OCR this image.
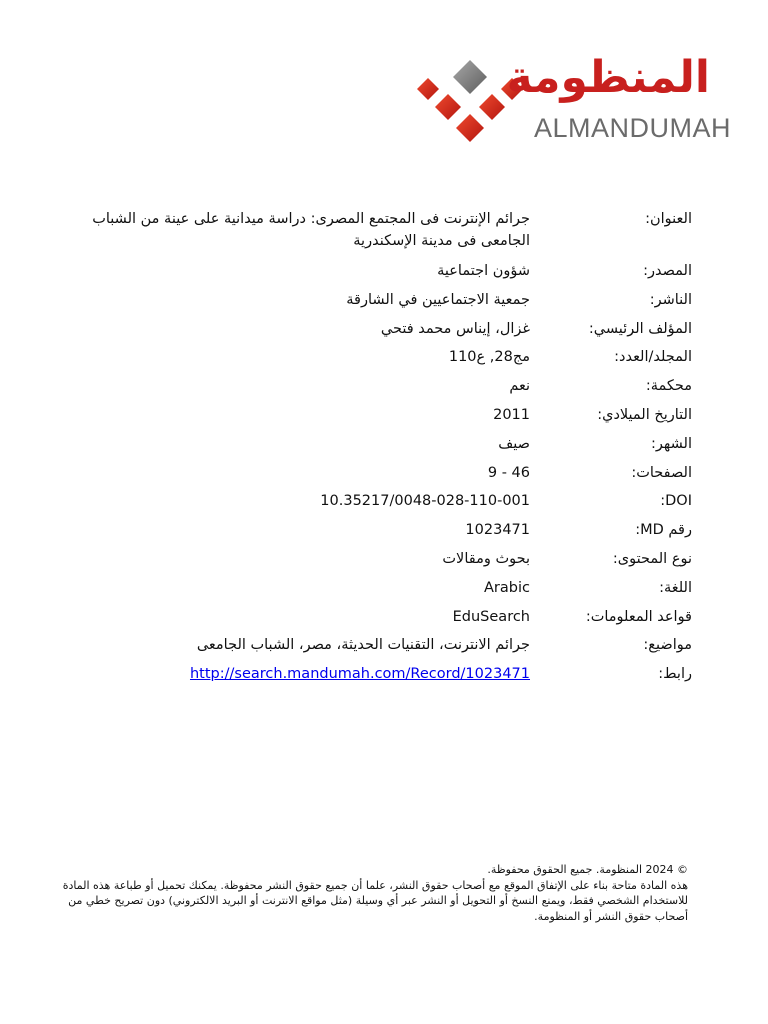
المنظومة
ALMANDUMAH
جرائم الإنترنت فى المجتمع المصرى: دراسة ميدانية على عينة من الشباب الجامعى فى مدينة الإسكندرية
العنوان:
شؤون اجتماعية	المصدر:
جمعية الاجتماعيين في الشارقة	الناشر:
غزال، إيناس محمد فتحي	المؤلف الرئيسي:
مج28, ع110	المجلد/العدد:
نعم	محكمة:
2011	التاريخ الميلادي:
صيف	الشهر:
9 - 46	الصفحات:
10.35217/0048-028-110-001	DOI:
1023471	رقم MD:
بحوث ومقالات	نوع المحتوى:
Arabic	اللغة:
EduSearch	قواعد المعلومات:
جرائم الانترنت، التقنيات الحديثة، مصر، الشباب الجامعى	مواضيع:
http://search.mandumah.com/Record/1023471	رابط:

© 2024 المنظومة. جميع الحقوق محفوظة.

هذه المادة متاحة بناء على الإتفاق الموقع مع أصحاب حقوق النشر، علما أن جميع حقوق النشر محفوظة. يمكنك تحميل أو طباعة هذه المادة للاستخدام الشخصي فقط، ويمنع النسخ أو التحويل أو النشر عبر أي وسيلة (مثل مواقع الانترنت أو البريد الالكتروني) دون تصريح خطي من أصحاب حقوق النشر أو المنظومة.
